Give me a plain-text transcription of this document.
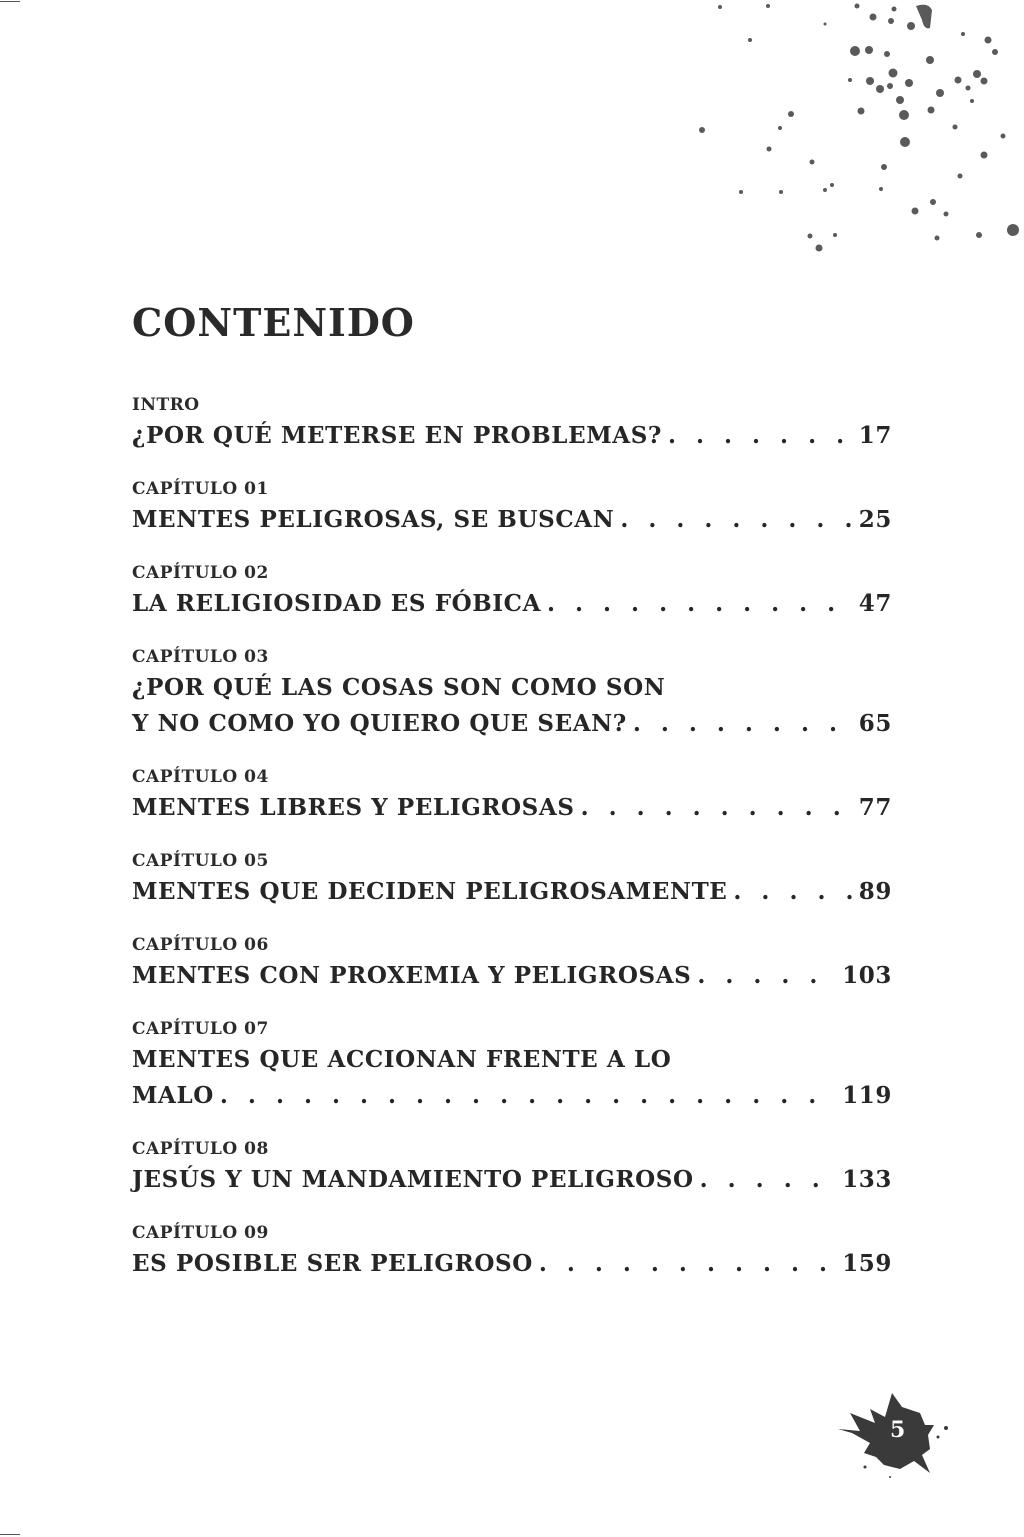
CONTENIDO
INTRO
¿POR QUÉ METERSE EN PROBLEMAS? . . .	17
CAPÍTULO 01
MENTES PELIGROSAS, SE BUSCAN . . .	25
CAPÍTULO 02
LA RELIGIOSIDAD ES FÓBICA . . .	47
CAPÍTULO 03
¿POR QUÉ LAS COSAS SON COMO SON
Y NO COMO YO QUIERO QUE SEAN? . . .	65
CAPÍTULO 04
MENTES LIBRES Y PELIGROSAS . . .	77
CAPÍTULO 05
MENTES QUE DECIDEN PELIGROSAMENTE . . .	89
CAPÍTULO 06
MENTES CON PROXEMIA Y PELIGROSAS . . .	103
CAPÍTULO 07
MENTES QUE ACCIONAN FRENTE A LO
MALO . . .	119
CAPÍTULO 08
JESÚS Y UN MANDAMIENTO PELIGROSO . . .	133
CAPÍTULO 09
ES POSIBLE SER PELIGROSO . . .	159
5
